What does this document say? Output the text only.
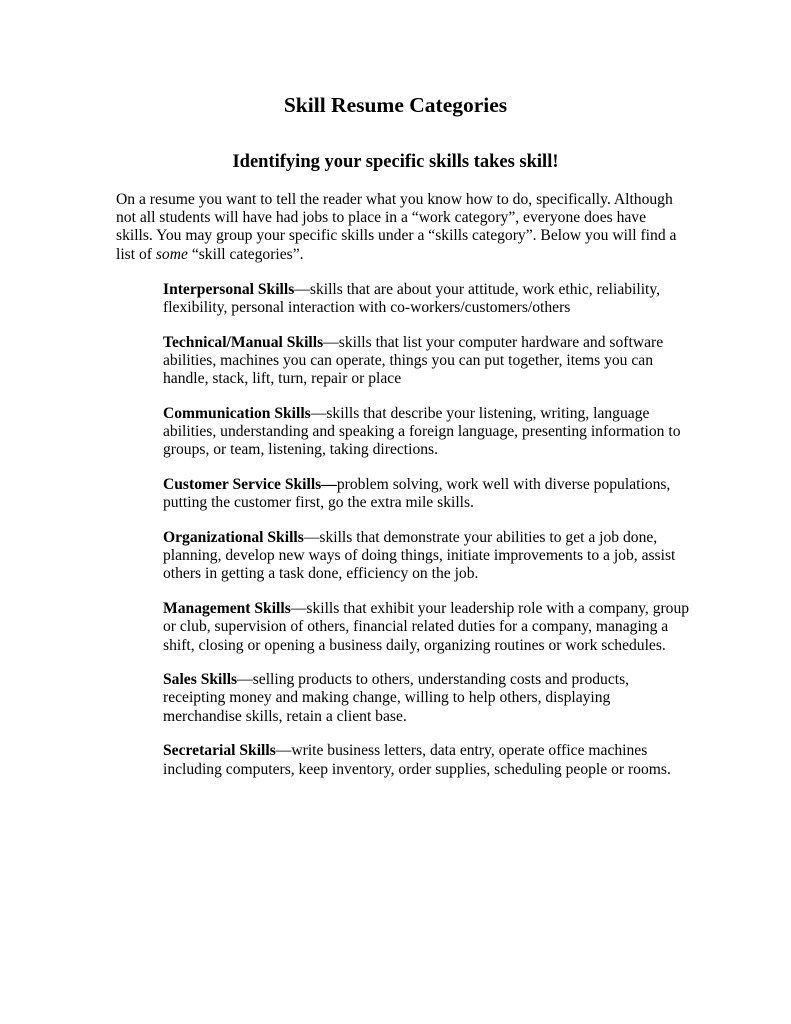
Skill Resume Categories
Identifying your specific skills takes skill!

On a resume you want to tell the reader what you know how to do, specifically. Although not all students will have had jobs to place in a “work category”, everyone does have skills. You may group your specific skills under a “skills category”. Below you will find a list of some “skill categories”.

Interpersonal Skills—skills that are about your attitude, work ethic, reliability, flexibility, personal interaction with co-workers/customers/others
Technical/Manual Skills—skills that list your computer hardware and software abilities, machines you can operate, things you can put together, items you can handle, stack, lift, turn, repair or place
Communication Skills—skills that describe your listening, writing, language abilities, understanding and speaking a foreign language, presenting information to groups, or team, listening, taking directions.
Customer Service Skills—problem solving, work well with diverse populations, putting the customer first, go the extra mile skills.
Organizational Skills—skills that demonstrate your abilities to get a job done, planning, develop new ways of doing things, initiate improvements to a job, assist others in getting a task done, efficiency on the job.
Management Skills—skills that exhibit your leadership role with a company, group or club, supervision of others, financial related duties for a company, managing a shift, closing or opening a business daily, organizing routines or work schedules.
Sales Skills—selling products to others, understanding costs and products, receipting money and making change, willing to help others, displaying merchandise skills, retain a client base.
Secretarial Skills—write business letters, data entry, operate office machines including computers, keep inventory, order supplies, scheduling people or rooms.
